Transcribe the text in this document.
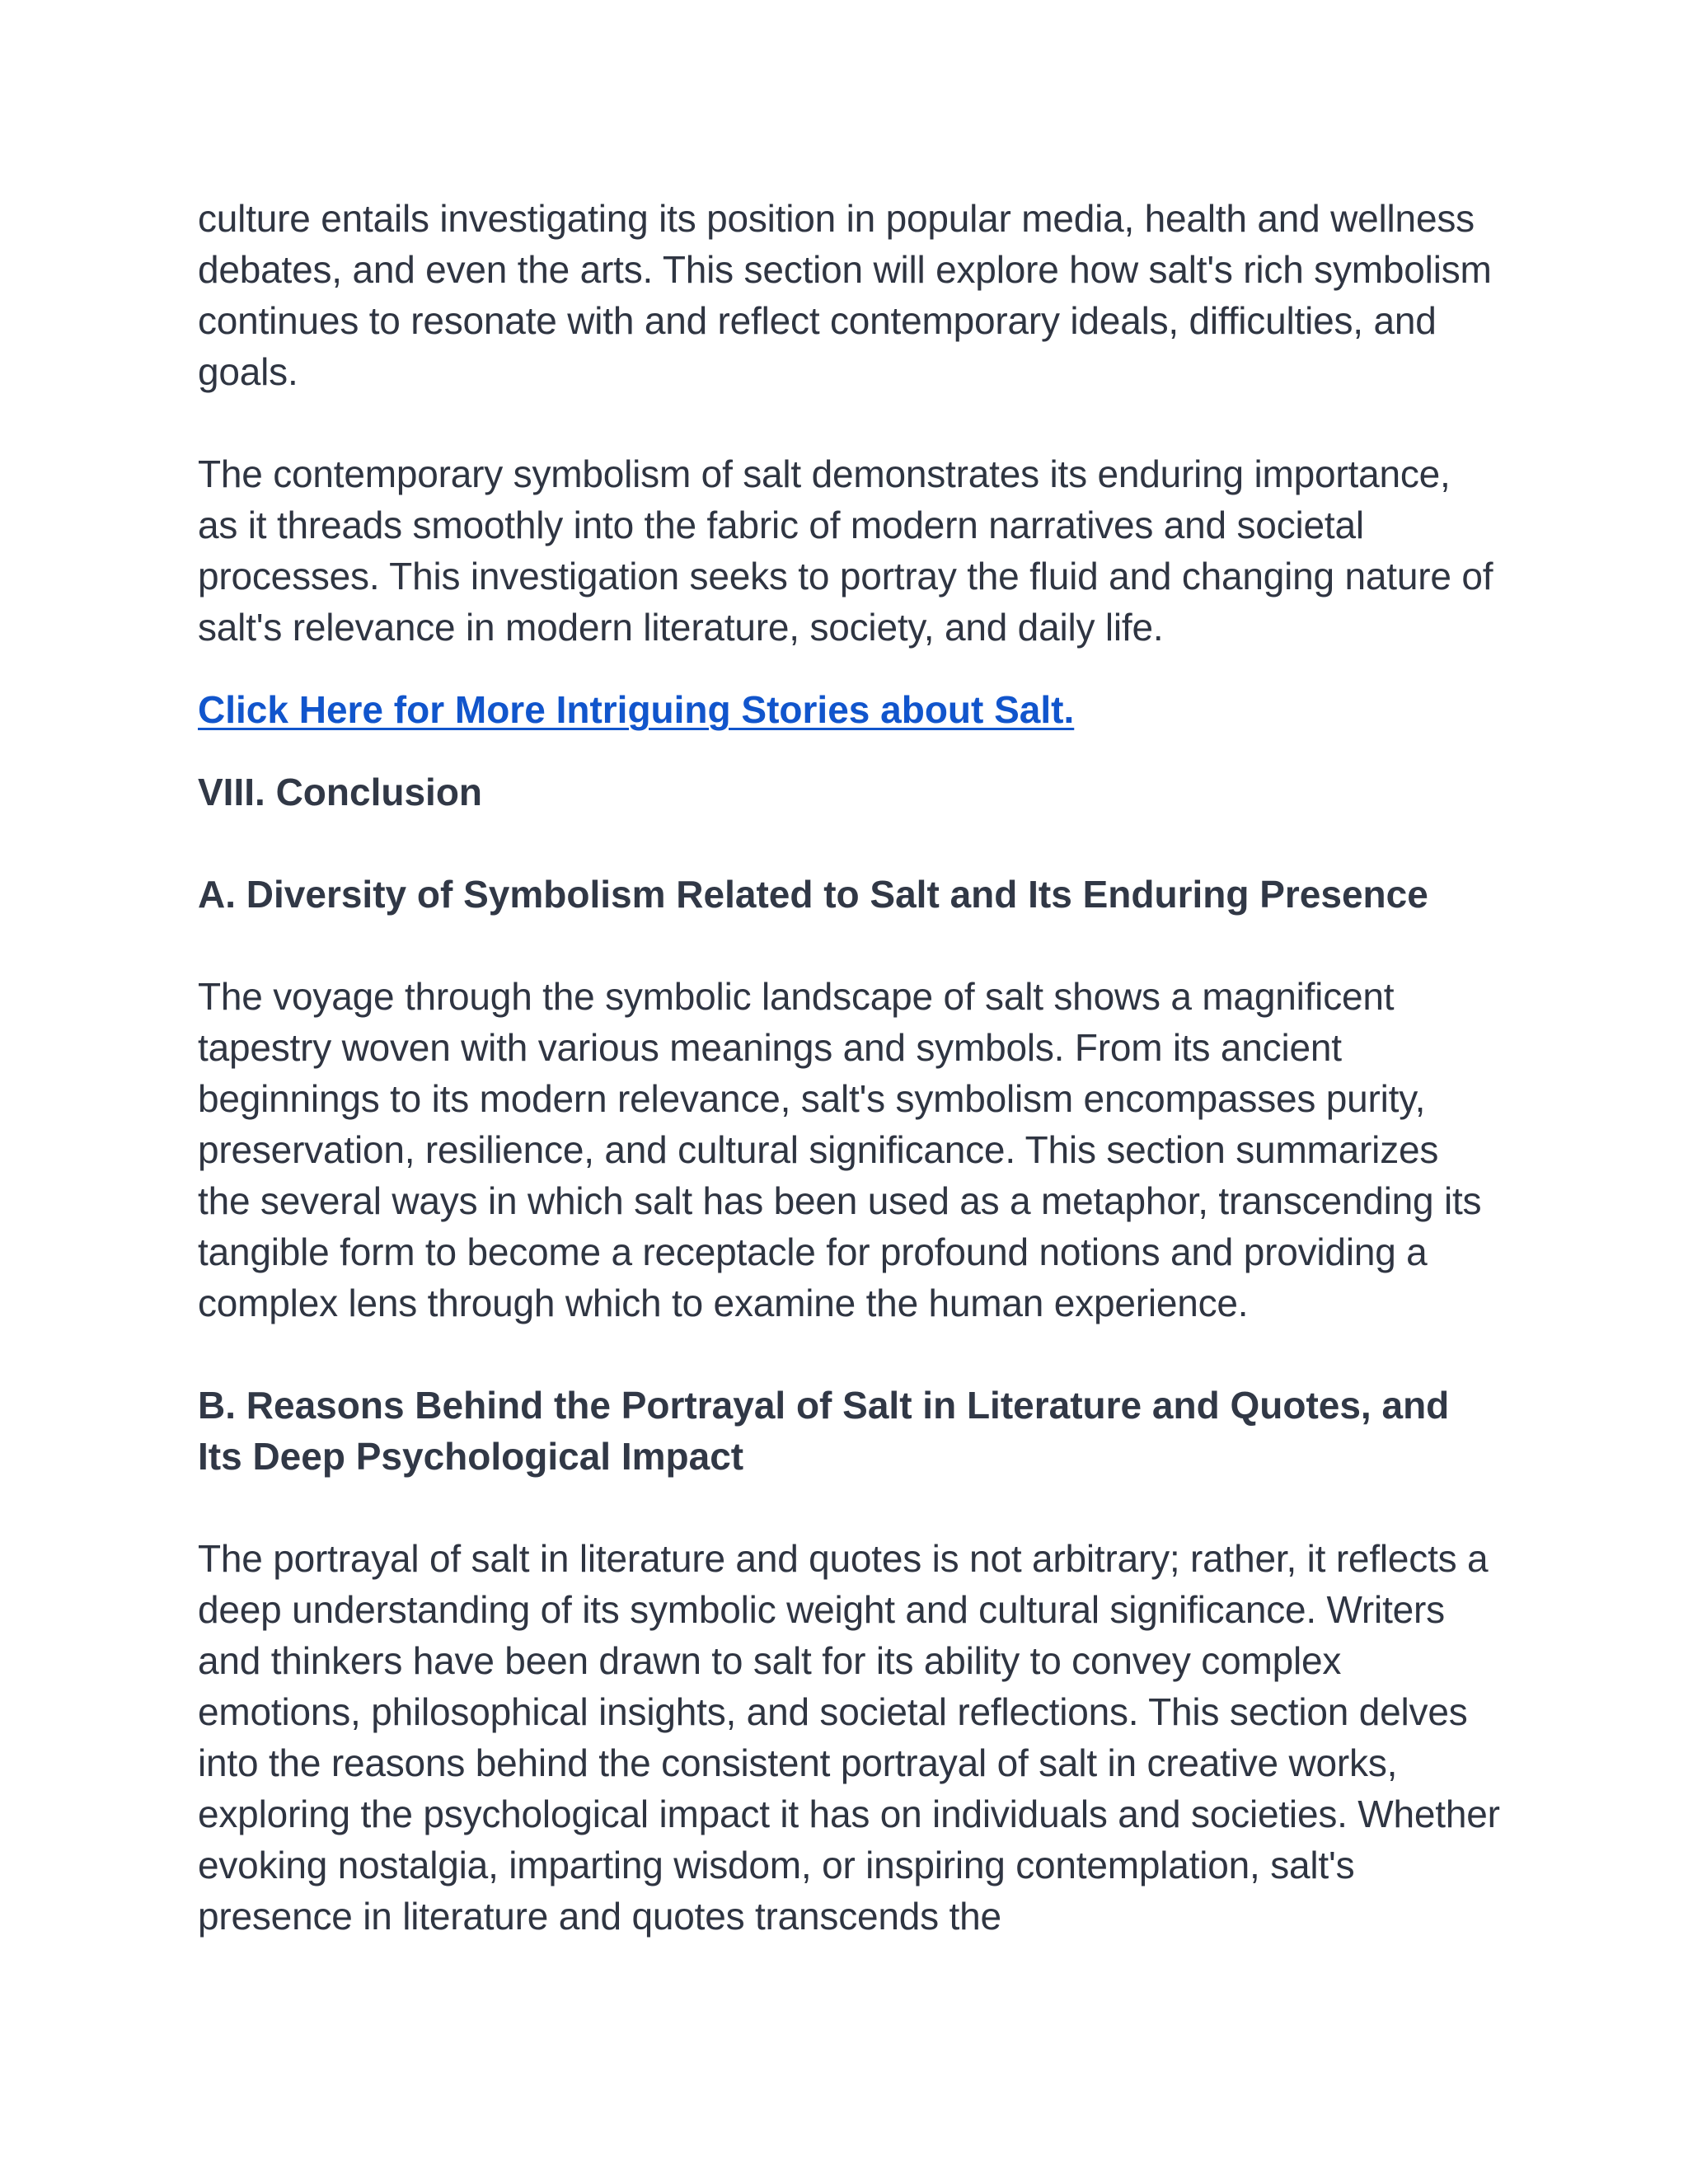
culture entails investigating its position in popular media, health and wellness debates, and even the arts. This section will explore how salt's rich symbolism continues to resonate with and reflect contemporary ideals, difficulties, and goals.

The contemporary symbolism of salt demonstrates its enduring importance, as it threads smoothly into the fabric of modern narratives and societal processes. This investigation seeks to portray the fluid and changing nature of salt's relevance in modern literature, society, and daily life.

Click Here for More Intriguing Stories about Salt.
VIII. Conclusion
A. Diversity of Symbolism Related to Salt and Its Enduring Presence

The voyage through the symbolic landscape of salt shows a magnificent tapestry woven with various meanings and symbols. From its ancient beginnings to its modern relevance, salt's symbolism encompasses purity, preservation, resilience, and cultural significance. This section summarizes the several ways in which salt has been used as a metaphor, transcending its tangible form to become a receptacle for profound notions and providing a complex lens through which to examine the human experience.

B. Reasons Behind the Portrayal of Salt in Literature and Quotes, and Its Deep Psychological Impact

The portrayal of salt in literature and quotes is not arbitrary; rather, it reflects a deep understanding of its symbolic weight and cultural significance. Writers and thinkers have been drawn to salt for its ability to convey complex emotions, philosophical insights, and societal reflections. This section delves into the reasons behind the consistent portrayal of salt in creative works, exploring the psychological impact it has on individuals and societies. Whether evoking nostalgia, imparting wisdom, or inspiring contemplation, salt's presence in literature and quotes transcends the
